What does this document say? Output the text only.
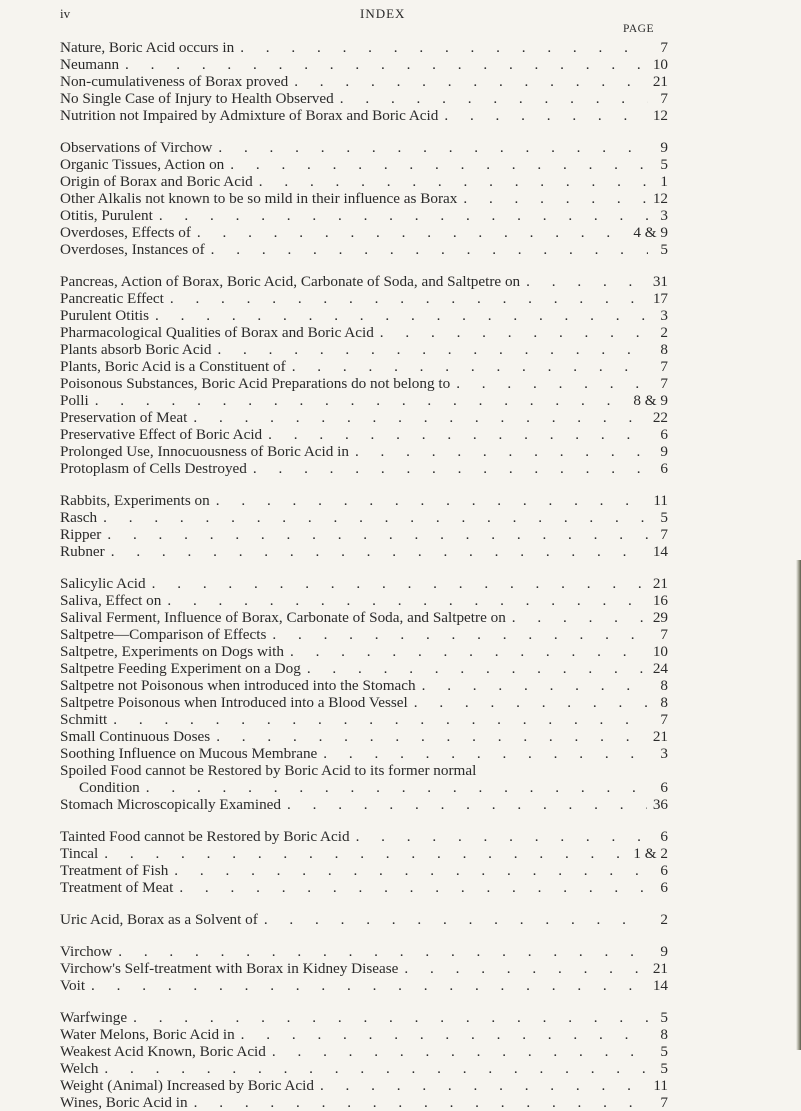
iv	INDEX
PAGE
Nature, Boric Acid occurs in . . .	7
Neumann . . .	10
Non-cumulativeness of Borax proved . . .	21
No Single Case of Injury to Health Observed . . .	7
Nutrition not Impaired by Admixture of Borax and Boric Acid . . .	12
Observations of Virchow . . .	9
Organic Tissues, Action on . . .	5
Origin of Borax and Boric Acid . . .	1
Other Alkalis not known to be so mild in their influence as Borax . . .	12
Otitis, Purulent . . .	3
Overdoses, Effects of . . .	4 & 9
Overdoses, Instances of . . .	5
Pancreas, Action of Borax, Boric Acid, Carbonate of Soda, and Saltpetre on . . .	31
Pancreatic Effect . . .	17
Purulent Otitis . . .	3
Pharmacological Qualities of Borax and Boric Acid . . .	2
Plants absorb Boric Acid . . .	8
Plants, Boric Acid is a Constituent of . . .	7
Poisonous Substances, Boric Acid Preparations do not belong to . . .	7
Polli . . .	8 & 9
Preservation of Meat . . .	22
Preservative Effect of Boric Acid . . .	6
Prolonged Use, Innocuousness of Boric Acid in . . .	9
Protoplasm of Cells Destroyed . . .	6
Rabbits, Experiments on . . .	11
Rasch . . .	5
Ripper . . .	7
Rubner . . .	14
Salicylic Acid . . .	21
Saliva, Effect on . . .	16
Salival Ferment, Influence of Borax, Carbonate of Soda, and Saltpetre on . . .	29
Saltpetre—Comparison of Effects . . .	7
Saltpetre, Experiments on Dogs with . . .	10
Saltpetre Feeding Experiment on a Dog . . .	24
Saltpetre not Poisonous when introduced into the Stomach . . .	8
Saltpetre Poisonous when Introduced into a Blood Vessel . . .	8
Schmitt . . .	7
Small Continuous Doses . . .	21
Soothing Influence on Mucous Membrane . . .	3
Spoiled Food cannot be Restored by Boric Acid to its former normal
Condition . . .	6
Stomach Microscopically Examined . . .	36
Tainted Food cannot be Restored by Boric Acid . . .	6
Tincal . . .	1 & 2
Treatment of Fish . . .	6
Treatment of Meat . . .	6
Uric Acid, Borax as a Solvent of . . .	2
Virchow . . .	9
Virchow's Self-treatment with Borax in Kidney Disease . . .	21
Voit . . .	14
Warfwinge . . .	5
Water Melons, Boric Acid in . . .	8
Weakest Acid Known, Boric Acid . . .	5
Welch . . .	5
Weight (Animal) Increased by Boric Acid . . .	11
Wines, Boric Acid in . . .	7
